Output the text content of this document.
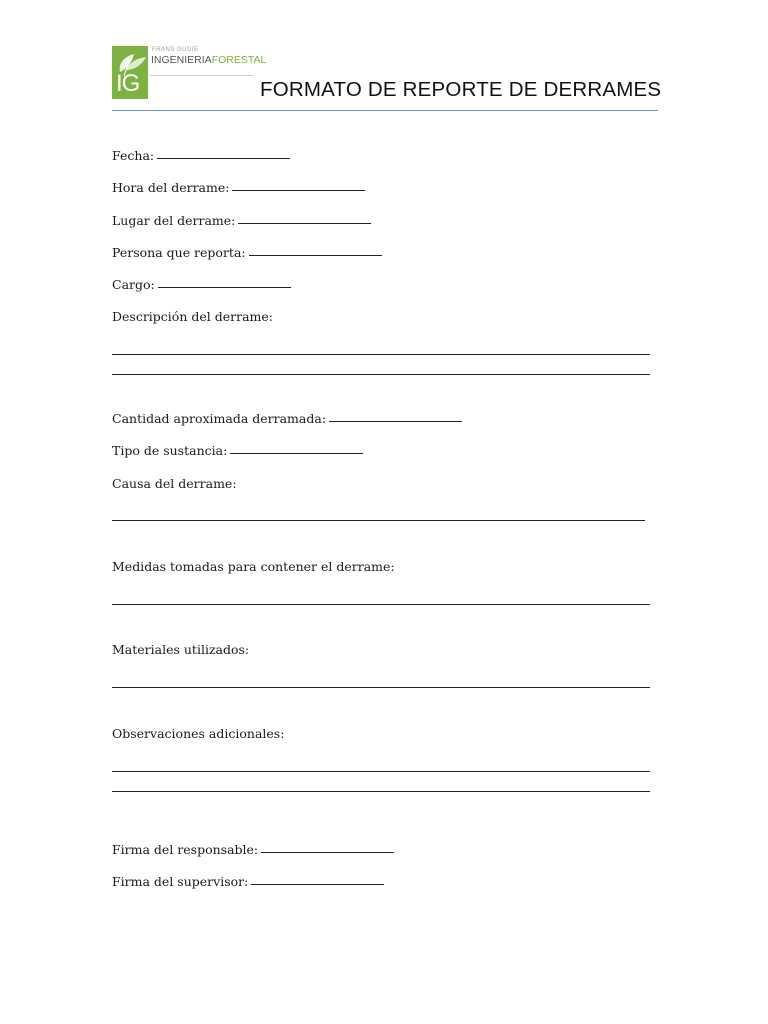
IG
FRANS GUDIE
INGENIERIAFORESTAL
FORMATO DE REPORTE DE DERRAMES
Fecha:
Hora del derrame:
Lugar del derrame:
Persona que reporta:
Cargo:
Descripción del derrame:
Cantidad aproximada derramada:
Tipo de sustancia:
Causa del derrame:
Medidas tomadas para contener el derrame:
Materiales utilizados:
Observaciones adicionales:
Firma del responsable:
Firma del supervisor:
